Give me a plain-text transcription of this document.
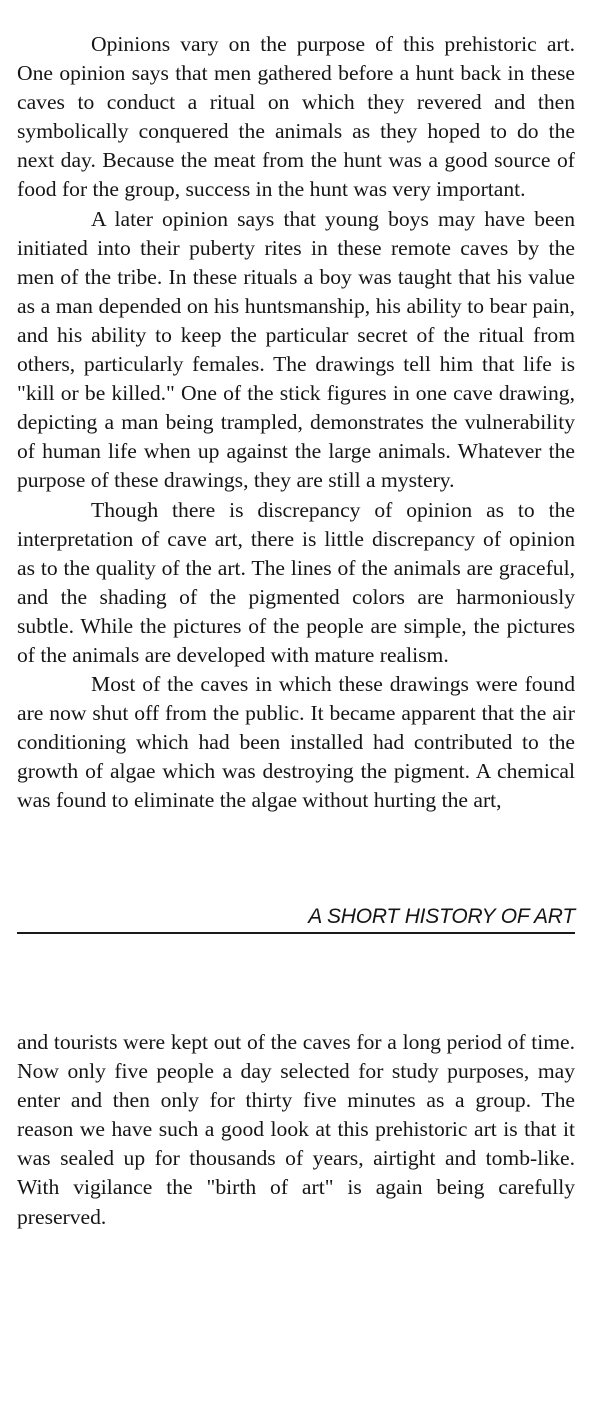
Opinions vary on the purpose of this prehistoric art. One opinion says that men gathered before a hunt back in these caves to conduct a ritual on which they revered and then symbolically conquered the animals as they hoped to do the next day. Because the meat from the hunt was a good source of food for the group, success in the hunt was very important.

A later opinion says that young boys may have been initiated into their puberty rites in these remote caves by the men of the tribe. In these rituals a boy was taught that his value as a man depended on his huntsmanship, his ability to bear pain, and his ability to keep the particular secret of the ritual from others, particularly females. The drawings tell him that life is "kill or be killed." One of the stick figures in one cave drawing, depicting a man being trampled, demonstrates the vulnerability of human life when up against the large animals. Whatever the purpose of these drawings, they are still a mystery.

Though there is discrepancy of opinion as to the interpretation of cave art, there is little discrepancy of opinion as to the quality of the art. The lines of the animals are graceful, and the shading of the pigmented colors are harmoniously subtle. While the pictures of the people are simple, the pictures of the animals are developed with mature realism.

Most of the caves in which these drawings were found are now shut off from the public. It became apparent that the air conditioning which had been installed had contributed to the growth of algae which was destroying the pigment. A chemical was found to eliminate the algae without hurting the art,

A SHORT HISTORY OF ART

and tourists were kept out of the caves for a long period of time. Now only five people a day selected for study purposes, may enter and then only for thirty five minutes as a group. The reason we have such a good look at this prehistoric art is that it was sealed up for thousands of years, airtight and tomb-like. With vigilance the "birth of art" is again being carefully preserved.
